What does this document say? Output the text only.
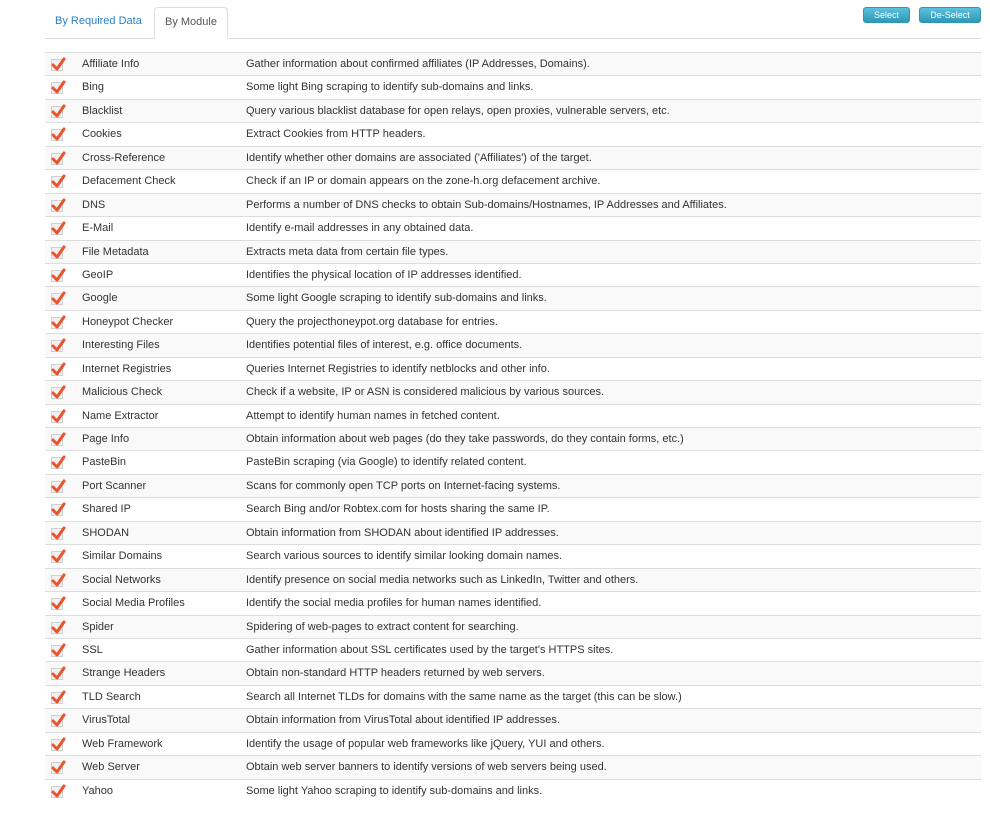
By Required Data	By Module
Select All
De-Select All
Affiliate Info	Gather information about confirmed affiliates (IP Addresses, Domains).
Bing	Some light Bing scraping to identify sub-domains and links.
Blacklist	Query various blacklist database for open relays, open proxies, vulnerable servers, etc.
Cookies	Extract Cookies from HTTP headers.
Cross-Reference	Identify whether other domains are associated ('Affiliates') of the target.
Defacement Check	Check if an IP or domain appears on the zone-h.org defacement archive.
DNS	Performs a number of DNS checks to obtain Sub-domains/Hostnames, IP Addresses and Affiliates.
E-Mail	Identify e-mail addresses in any obtained data.
File Metadata	Extracts meta data from certain file types.
GeoIP	Identifies the physical location of IP addresses identified.
Google	Some light Google scraping to identify sub-domains and links.
Honeypot Checker	Query the projecthoneypot.org database for entries.
Interesting Files	Identifies potential files of interest, e.g. office documents.
Internet Registries	Queries Internet Registries to identify netblocks and other info.
Malicious Check	Check if a website, IP or ASN is considered malicious by various sources.
Name Extractor	Attempt to identify human names in fetched content.
Page Info	Obtain information about web pages (do they take passwords, do they contain forms, etc.)
PasteBin	PasteBin scraping (via Google) to identify related content.
Port Scanner	Scans for commonly open TCP ports on Internet-facing systems.
Shared IP	Search Bing and/or Robtex.com for hosts sharing the same IP.
SHODAN	Obtain information from SHODAN about identified IP addresses.
Similar Domains	Search various sources to identify similar looking domain names.
Social Networks	Identify presence on social media networks such as LinkedIn, Twitter and others.
Social Media Profiles	Identify the social media profiles for human names identified.
Spider	Spidering of web-pages to extract content for searching.
SSL	Gather information about SSL certificates used by the target's HTTPS sites.
Strange Headers	Obtain non-standard HTTP headers returned by web servers.
TLD Search	Search all Internet TLDs for domains with the same name as the target (this can be slow.)
VirusTotal	Obtain information from VirusTotal about identified IP addresses.
Web Framework	Identify the usage of popular web frameworks like jQuery, YUI and others.
Web Server	Obtain web server banners to identify versions of web servers being used.
Yahoo	Some light Yahoo scraping to identify sub-domains and links.
